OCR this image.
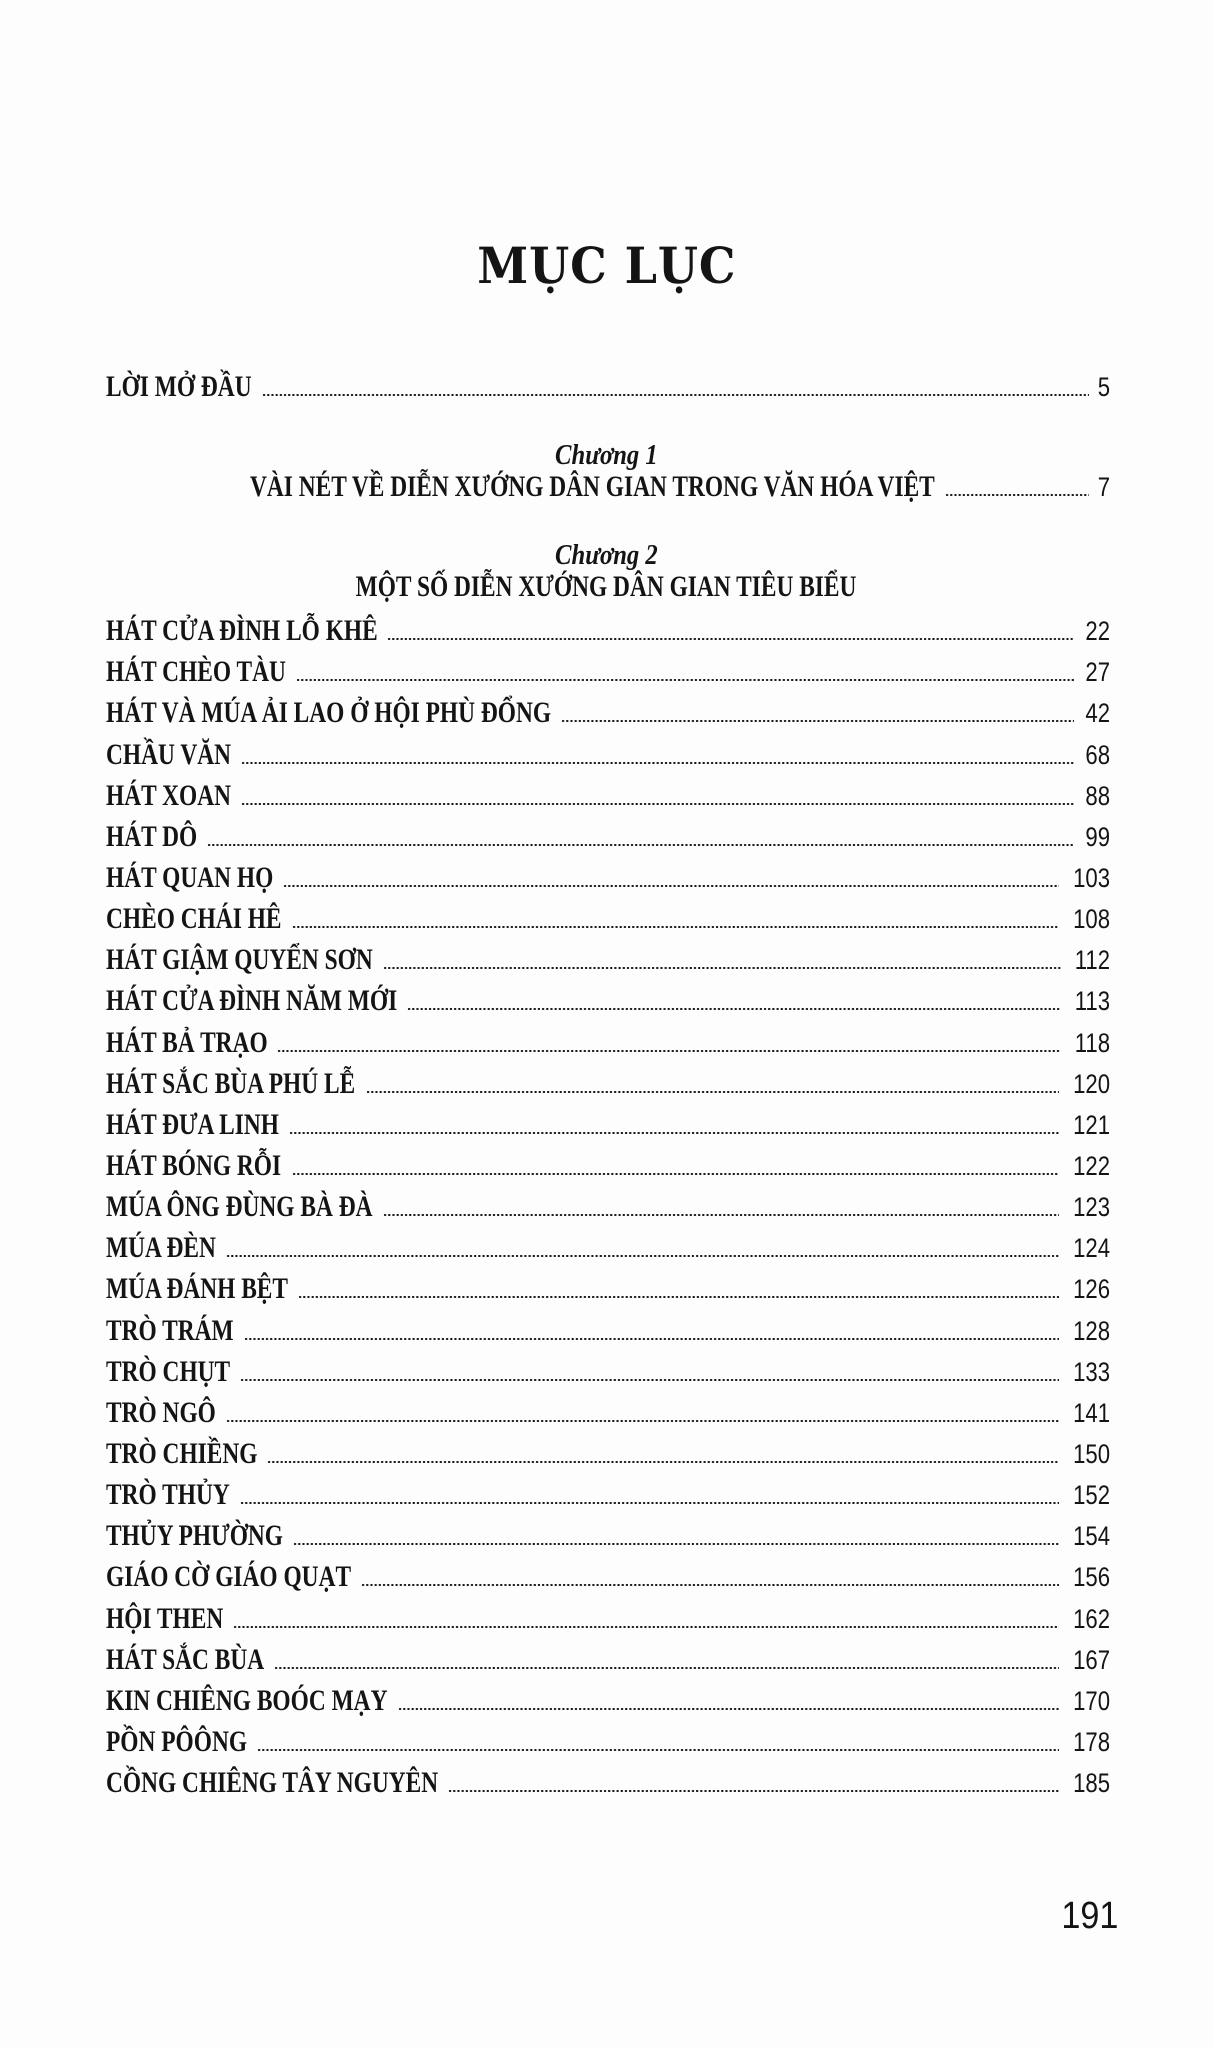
MỤC LỤC
LỜI MỞ ĐẦU	5
Chương 1
VÀI NÉT VỀ DIỄN XƯỚNG DÂN GIAN TRONG VĂN HÓA VIỆT	7
Chương 2
MỘT SỐ DIỄN XƯỚNG DÂN GIAN TIÊU BIỂU
HÁT CỬA ĐÌNH LỖ KHÊ	22
HÁT CHÈO TÀU	27
HÁT VÀ MÚA ẢI LAO Ở HỘI PHÙ ĐỔNG	42
CHẦU VĂN	68
HÁT XOAN	88
HÁT DÔ	99
HÁT QUAN HỌ	103
CHÈO CHÁI HÊ	108
HÁT GIẬM QUYỂN SƠN	112
HÁT CỬA ĐÌNH NĂM MỚI	113
HÁT BẢ TRẠO	118
HÁT SẮC BÙA PHÚ LỄ	120
HÁT ĐƯA LINH	121
HÁT BÓNG RỖI	122
MÚA ÔNG ĐÙNG BÀ ĐÀ	123
MÚA ĐÈN	124
MÚA ĐÁNH BỆT	126
TRÒ TRÁM	128
TRÒ CHỤT	133
TRÒ NGÔ	141
TRÒ CHIỀNG	150
TRÒ THỦY	152
THỦY PHƯỜNG	154
GIÁO CỜ GIÁO QUẠT	156
HỘI THEN	162
HÁT SẮC BÙA	167
KIN CHIÊNG BOÓC MẠY	170
PỒN PÔÔNG	178
CỒNG CHIÊNG TÂY NGUYÊN	185
191
